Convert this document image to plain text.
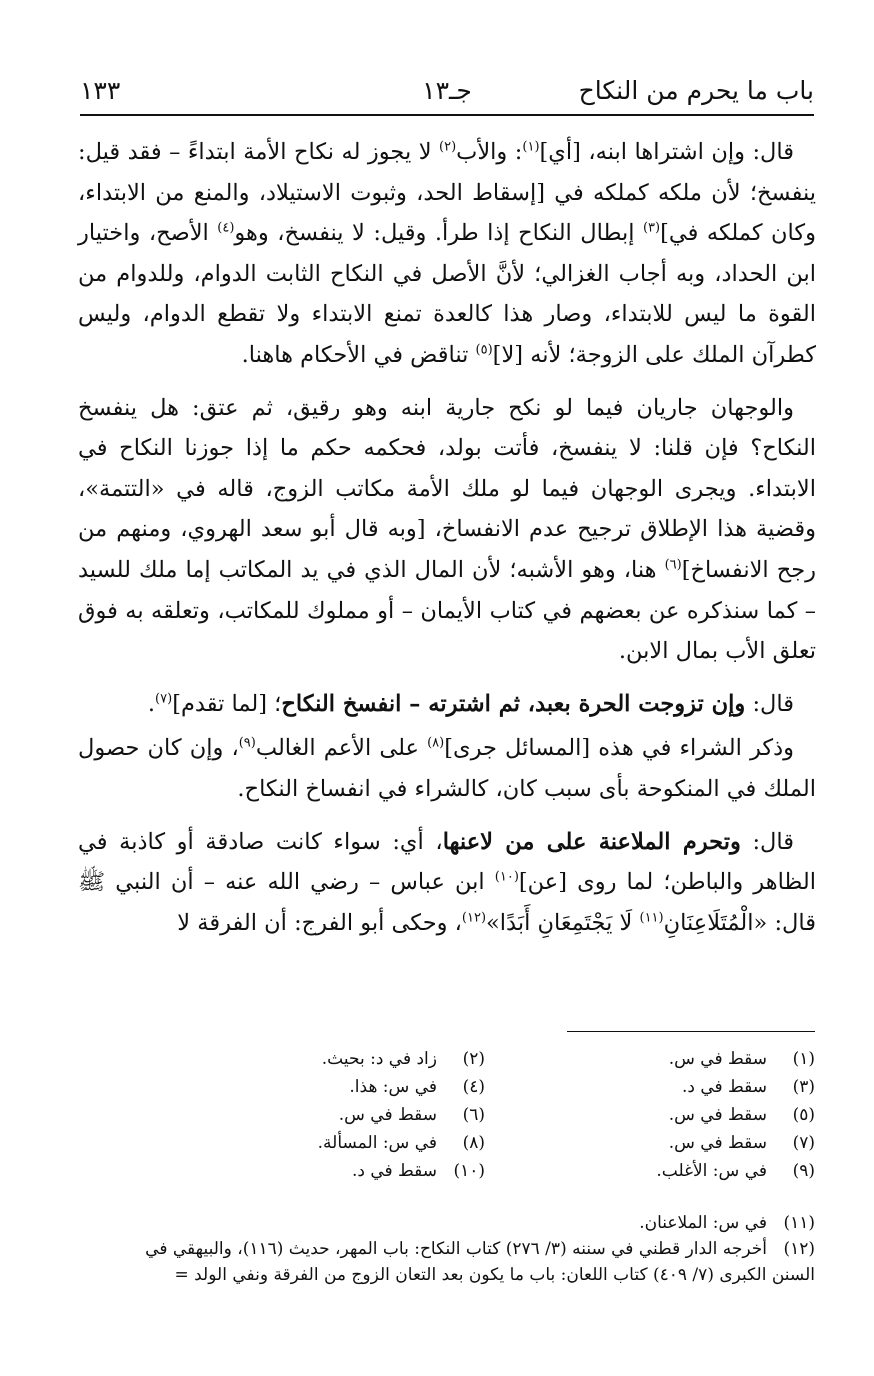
باب ما يحرم من النكاح
جـ١٣
١٣٣

قال: وإن اشتراها ابنه، [أي]$^{(١)}$: والأب$^{(٢)}$ لا يجوز له نكاح الأمة ابتداءً – فقد قيل: ينفسخ؛ لأن ملكه كملكه في [إسقاط الحد، وثبوت الاستيلاد، والمنع من الابتداء، وكان كملكه في]$^{(٣)}$ إبطال النكاح إذا طرأ. وقيل: لا ينفسخ، وهو$^{(٤)}$ الأصح، واختيار ابن الحداد، وبه أجاب الغزالي؛ لأنَّ الأصل في النكاح الثابت الدوام، وللدوام من القوة ما ليس للابتداء، وصار هذا كالعدة تمنع الابتداء ولا تقطع الدوام، وليس كطرآن الملك على الزوجة؛ لأنه [لا]$^{(٥)}$ تناقض في الأحكام هاهنا.

والوجهان جاريان فيما لو نكح جارية ابنه وهو رقيق، ثم عتق: هل ينفسخ النكاح؟ فإن قلنا: لا ينفسخ، فأتت بولد، فحكمه حكم ما إذا جوزنا النكاح في الابتداء. ويجرى الوجهان فيما لو ملك الأمة مكاتب الزوج، قاله في «التتمة»، وقضية هذا الإطلاق ترجيح عدم الانفساخ، [وبه قال أبو سعد الهروي، ومنهم من رجح الانفساخ]$^{(٦)}$ هنا، وهو الأشبه؛ لأن المال الذي في يد المكاتب إما ملك للسيد – كما سنذكره عن بعضهم في كتاب الأيمان – أو مملوك للمكاتب، وتعلقه به فوق تعلق الأب بمال الابن.

قال: وإن تزوجت الحرة بعبد، ثم اشترته – انفسخ النكاح؛ [لما تقدم]$^{(٧)}$.

وذكر الشراء في هذه [المسائل جرى]$^{(٨)}$ على الأعم الغالب$^{(٩)}$، وإن كان حصول الملك في المنكوحة بأى سبب كان، كالشراء في انفساخ النكاح.

قال: وتحرم الملاعنة على من لاعنها، أي: سواء كانت صادقة أو كاذبة في الظاهر والباطن؛ لما روى [عن]$^{(١٠)}$ ابن عباس – رضي الله عنه – أن النبي ﷺ قال: «الْمُتَلَاعِنَانِ$^{(١١)}$ لَا يَجْتَمِعَانِ أَبَدًا»$^{(١٢)}$، وحكى أبو الفرج: أن الفرقة لا

(١)سقط في س.
(٢)زاد في د: بحيث.
(٣)سقط في د.
(٤)في س: هذا.
(٥)سقط في س.
(٦)سقط في س.
(٧)سقط في س.
(٨)في س: المسألة.
(٩)في س: الأغلب.
(١٠)سقط في د.
(١١)في س: الملاعنان.
(١٢)أخرجه الدار قطني في سننه (٣/ ٢٧٦) كتاب النكاح: باب المهر، حديث (١١٦)، والبيهقي في
السنن الكبرى (٧/ ٤٠٩) كتاب اللعان: باب ما يكون بعد التعان الزوج من الفرقة ونفي الولد =
